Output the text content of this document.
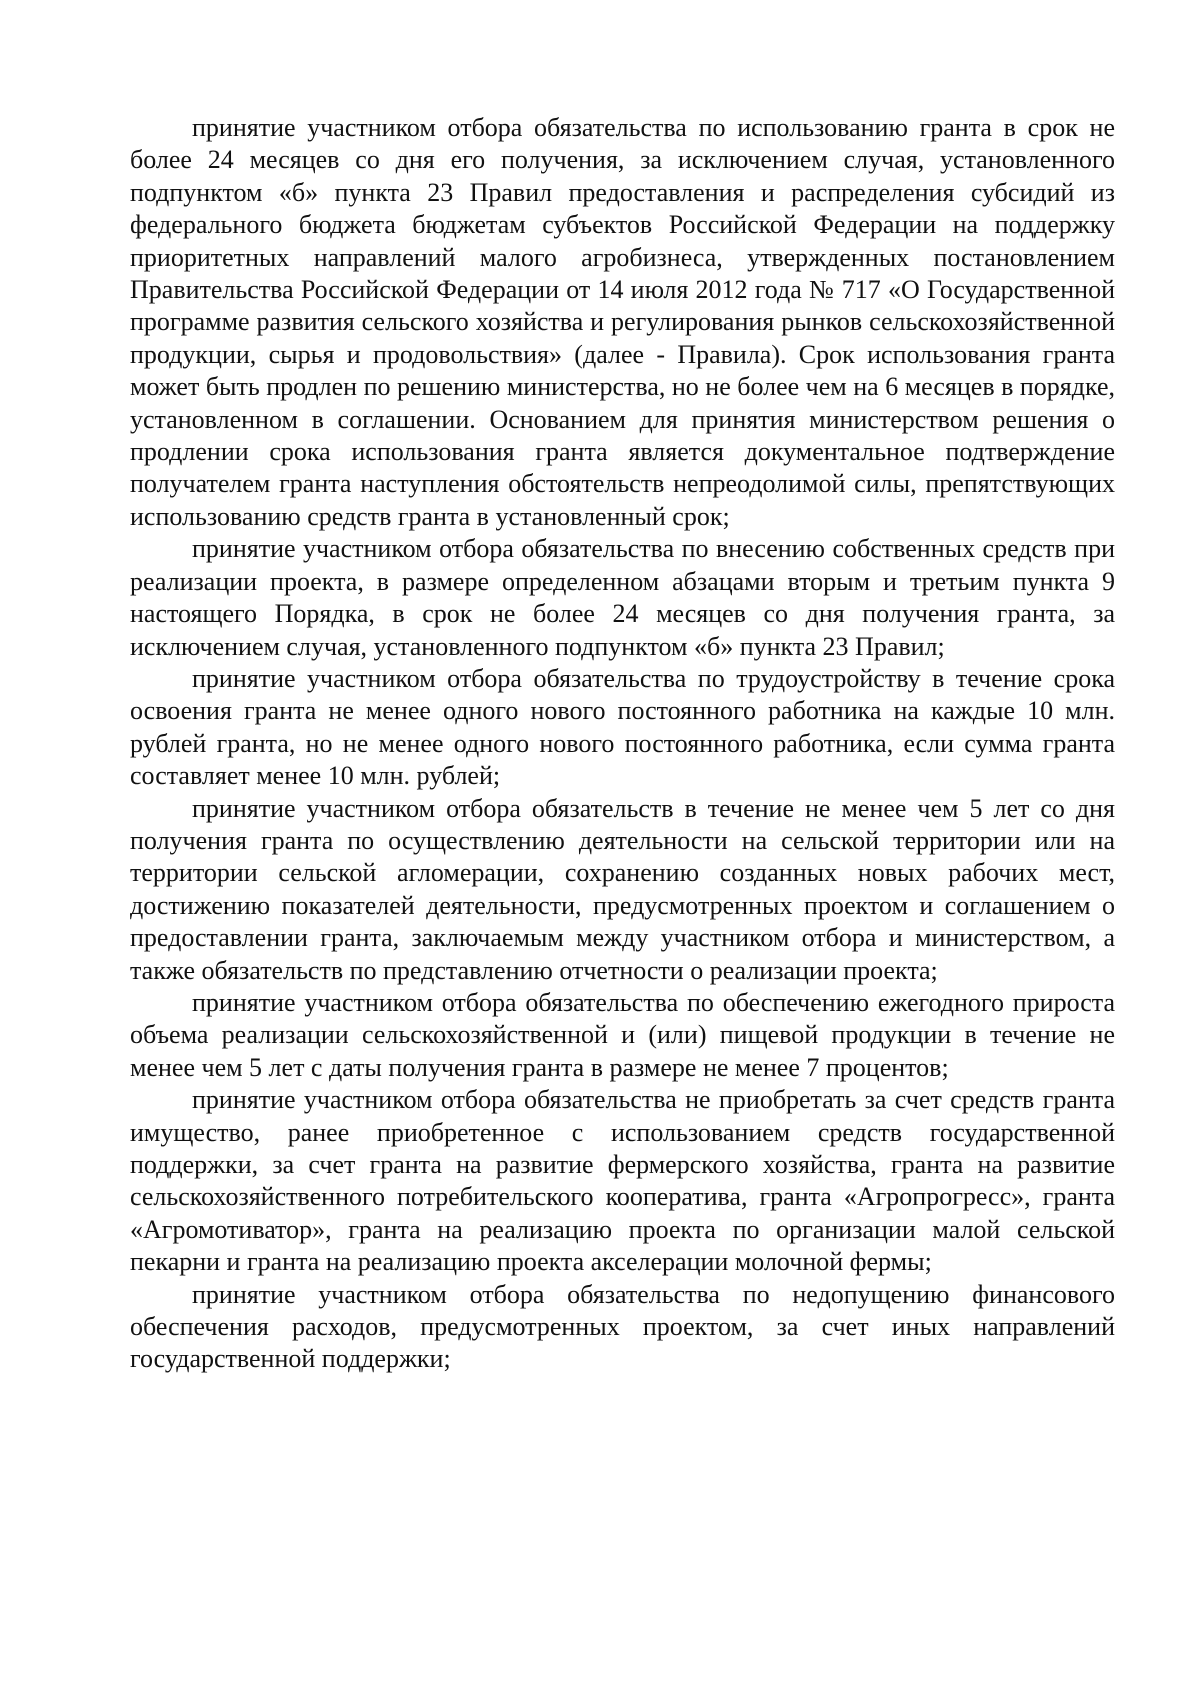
принятие участником отбора обязательства по использованию гранта в срок не более 24 месяцев со дня его получения, за исключением случая, установленного подпунктом «б» пункта 23 Правил предоставления и распределения субсидий из федерального бюджета бюджетам субъектов Российской Федерации на поддержку приоритетных направлений малого агробизнеса, утвержденных постановлением Правительства Российской Федерации от 14 июля 2012 года № 717 «О Государственной программе развития сельского хозяйства и регулирования рынков сельскохозяйственной продукции, сырья и продовольствия» (далее - Правила). Срок использования гранта может быть продлен по решению министерства, но не более чем на 6 месяцев в порядке, установленном в соглашении. Основанием для принятия министерством решения о продлении срока использования гранта является документальное подтверждение получателем гранта наступления обстоятельств непреодолимой силы, препятствующих использованию средств гранта в установленный срок;

принятие участником отбора обязательства по внесению собственных средств при реализации проекта, в размере определенном абзацами вторым и третьим пункта 9 настоящего Порядка, в срок не более 24 месяцев со дня получения гранта, за исключением случая, установленного подпунктом «б» пункта 23 Правил;

принятие участником отбора обязательства по трудоустройству в течение срока освоения гранта не менее одного нового постоянного работника на каждые 10 млн. рублей гранта, но не менее одного нового постоянного работника, если сумма гранта составляет менее 10 млн. рублей;

принятие участником отбора обязательств в течение не менее чем 5 лет со дня получения гранта по осуществлению деятельности на сельской территории или на территории сельской агломерации, сохранению созданных новых рабочих мест, достижению показателей деятельности, предусмотренных проектом и соглашением о предоставлении гранта, заключаемым между участником отбора и министерством, а также обязательств по представлению отчетности о реализации проекта;

принятие участником отбора обязательства по обеспечению ежегодного прироста объема реализации сельскохозяйственной и (или) пищевой продукции в течение не менее чем 5 лет с даты получения гранта в размере не менее 7 процентов;

принятие участником отбора обязательства не приобретать за счет средств гранта имущество, ранее приобретенное с использованием средств государственной поддержки, за счет гранта на развитие фермерского хозяйства, гранта на развитие сельскохозяйственного потребительского кооператива, гранта «Агропрогресс», гранта «Агромотиватор», гранта на реализацию проекта по организации малой сельской пекарни и гранта на реализацию проекта акселерации молочной фермы;

принятие участником отбора обязательства по недопущению финансового обеспечения расходов, предусмотренных проектом, за счет иных направлений государственной поддержки;
